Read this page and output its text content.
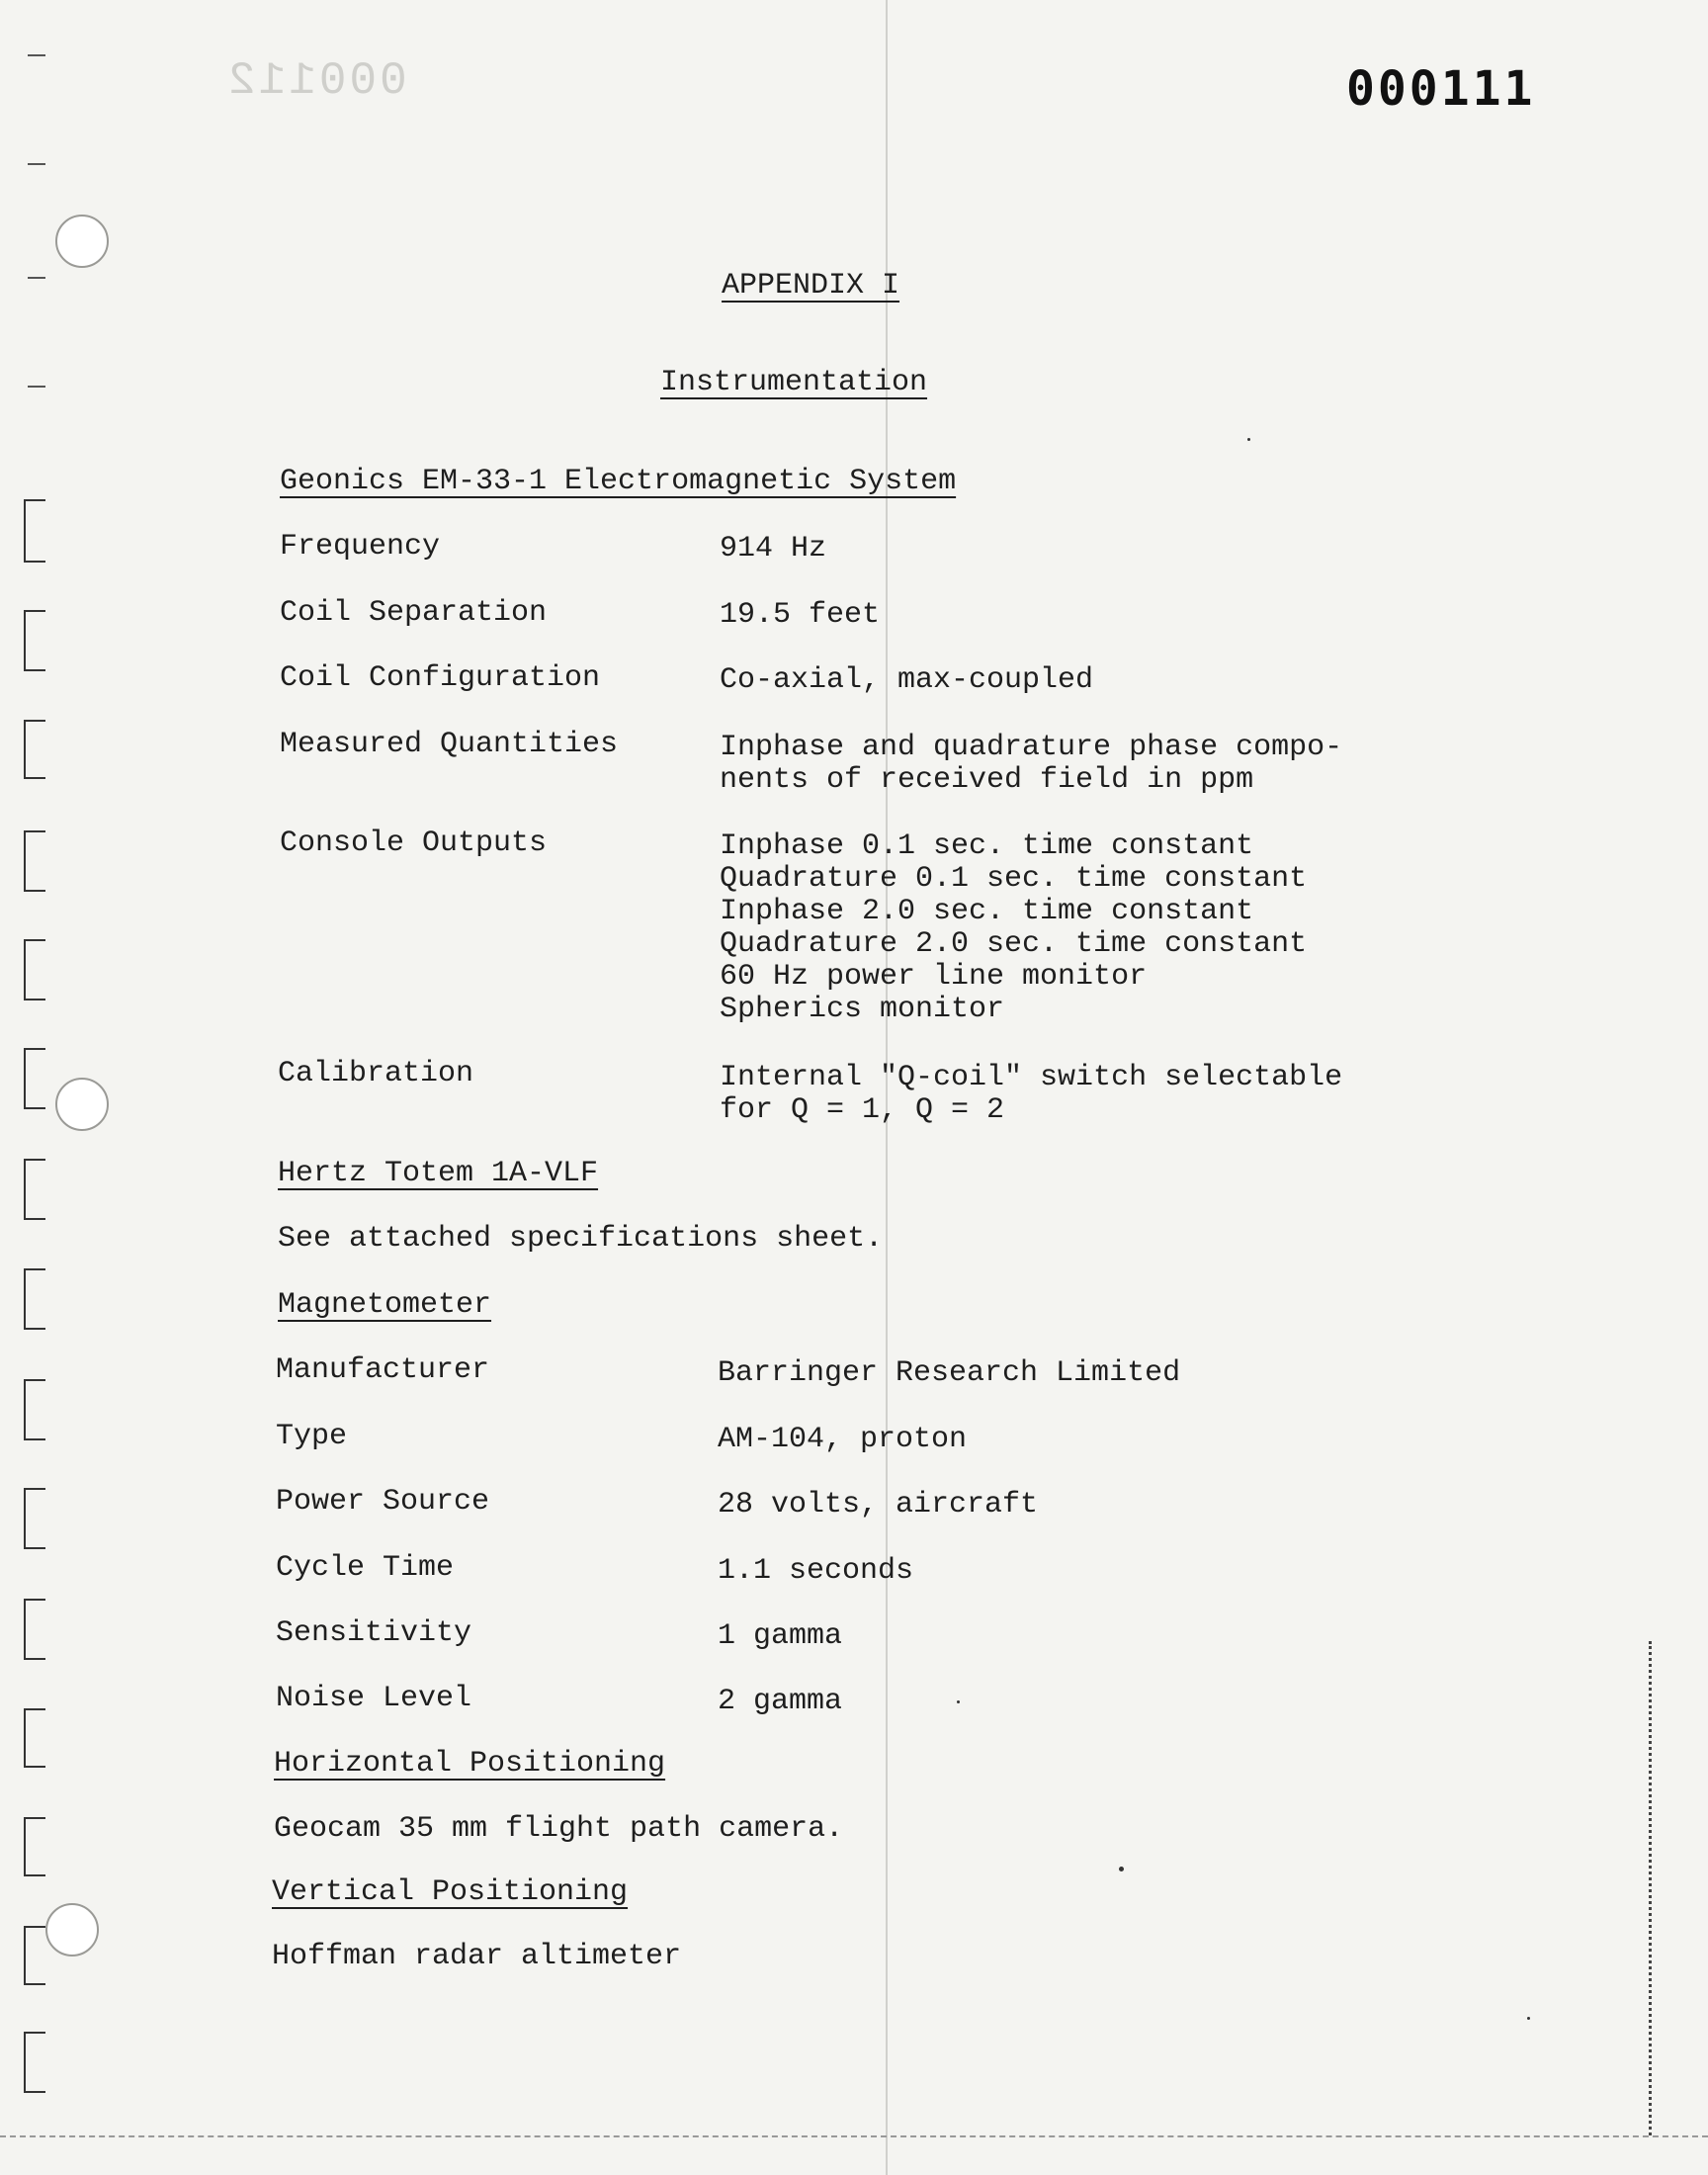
000112	000111
APPENDIX I
Instrumentation
Geonics EM-33-1 Electromagnetic System
Frequency	914 Hz
Coil Separation	19.5 feet
Coil Configuration	Co-axial, max-coupled
Measured Quantities	Inphase and quadrature phase compo-
nents of received field in ppm
Console Outputs	Inphase 0.1 sec. time constant
Quadrature 0.1 sec. time constant
Inphase 2.0 sec. time constant
Quadrature 2.0 sec. time constant
60 Hz power line monitor
Spherics monitor
Calibration	Internal "Q-coil" switch selectable
for Q = 1, Q = 2
Hertz Totem 1A-VLF
See attached specifications sheet.
Magnetometer
Manufacturer	Barringer Research Limited
Type	AM-104, proton
Power Source	28 volts, aircraft
Cycle Time	1.1 seconds
Sensitivity	1 gamma
Noise Level	2 gamma
Horizontal Positioning
Geocam 35 mm flight path camera.
Vertical Positioning
Hoffman radar altimeter
